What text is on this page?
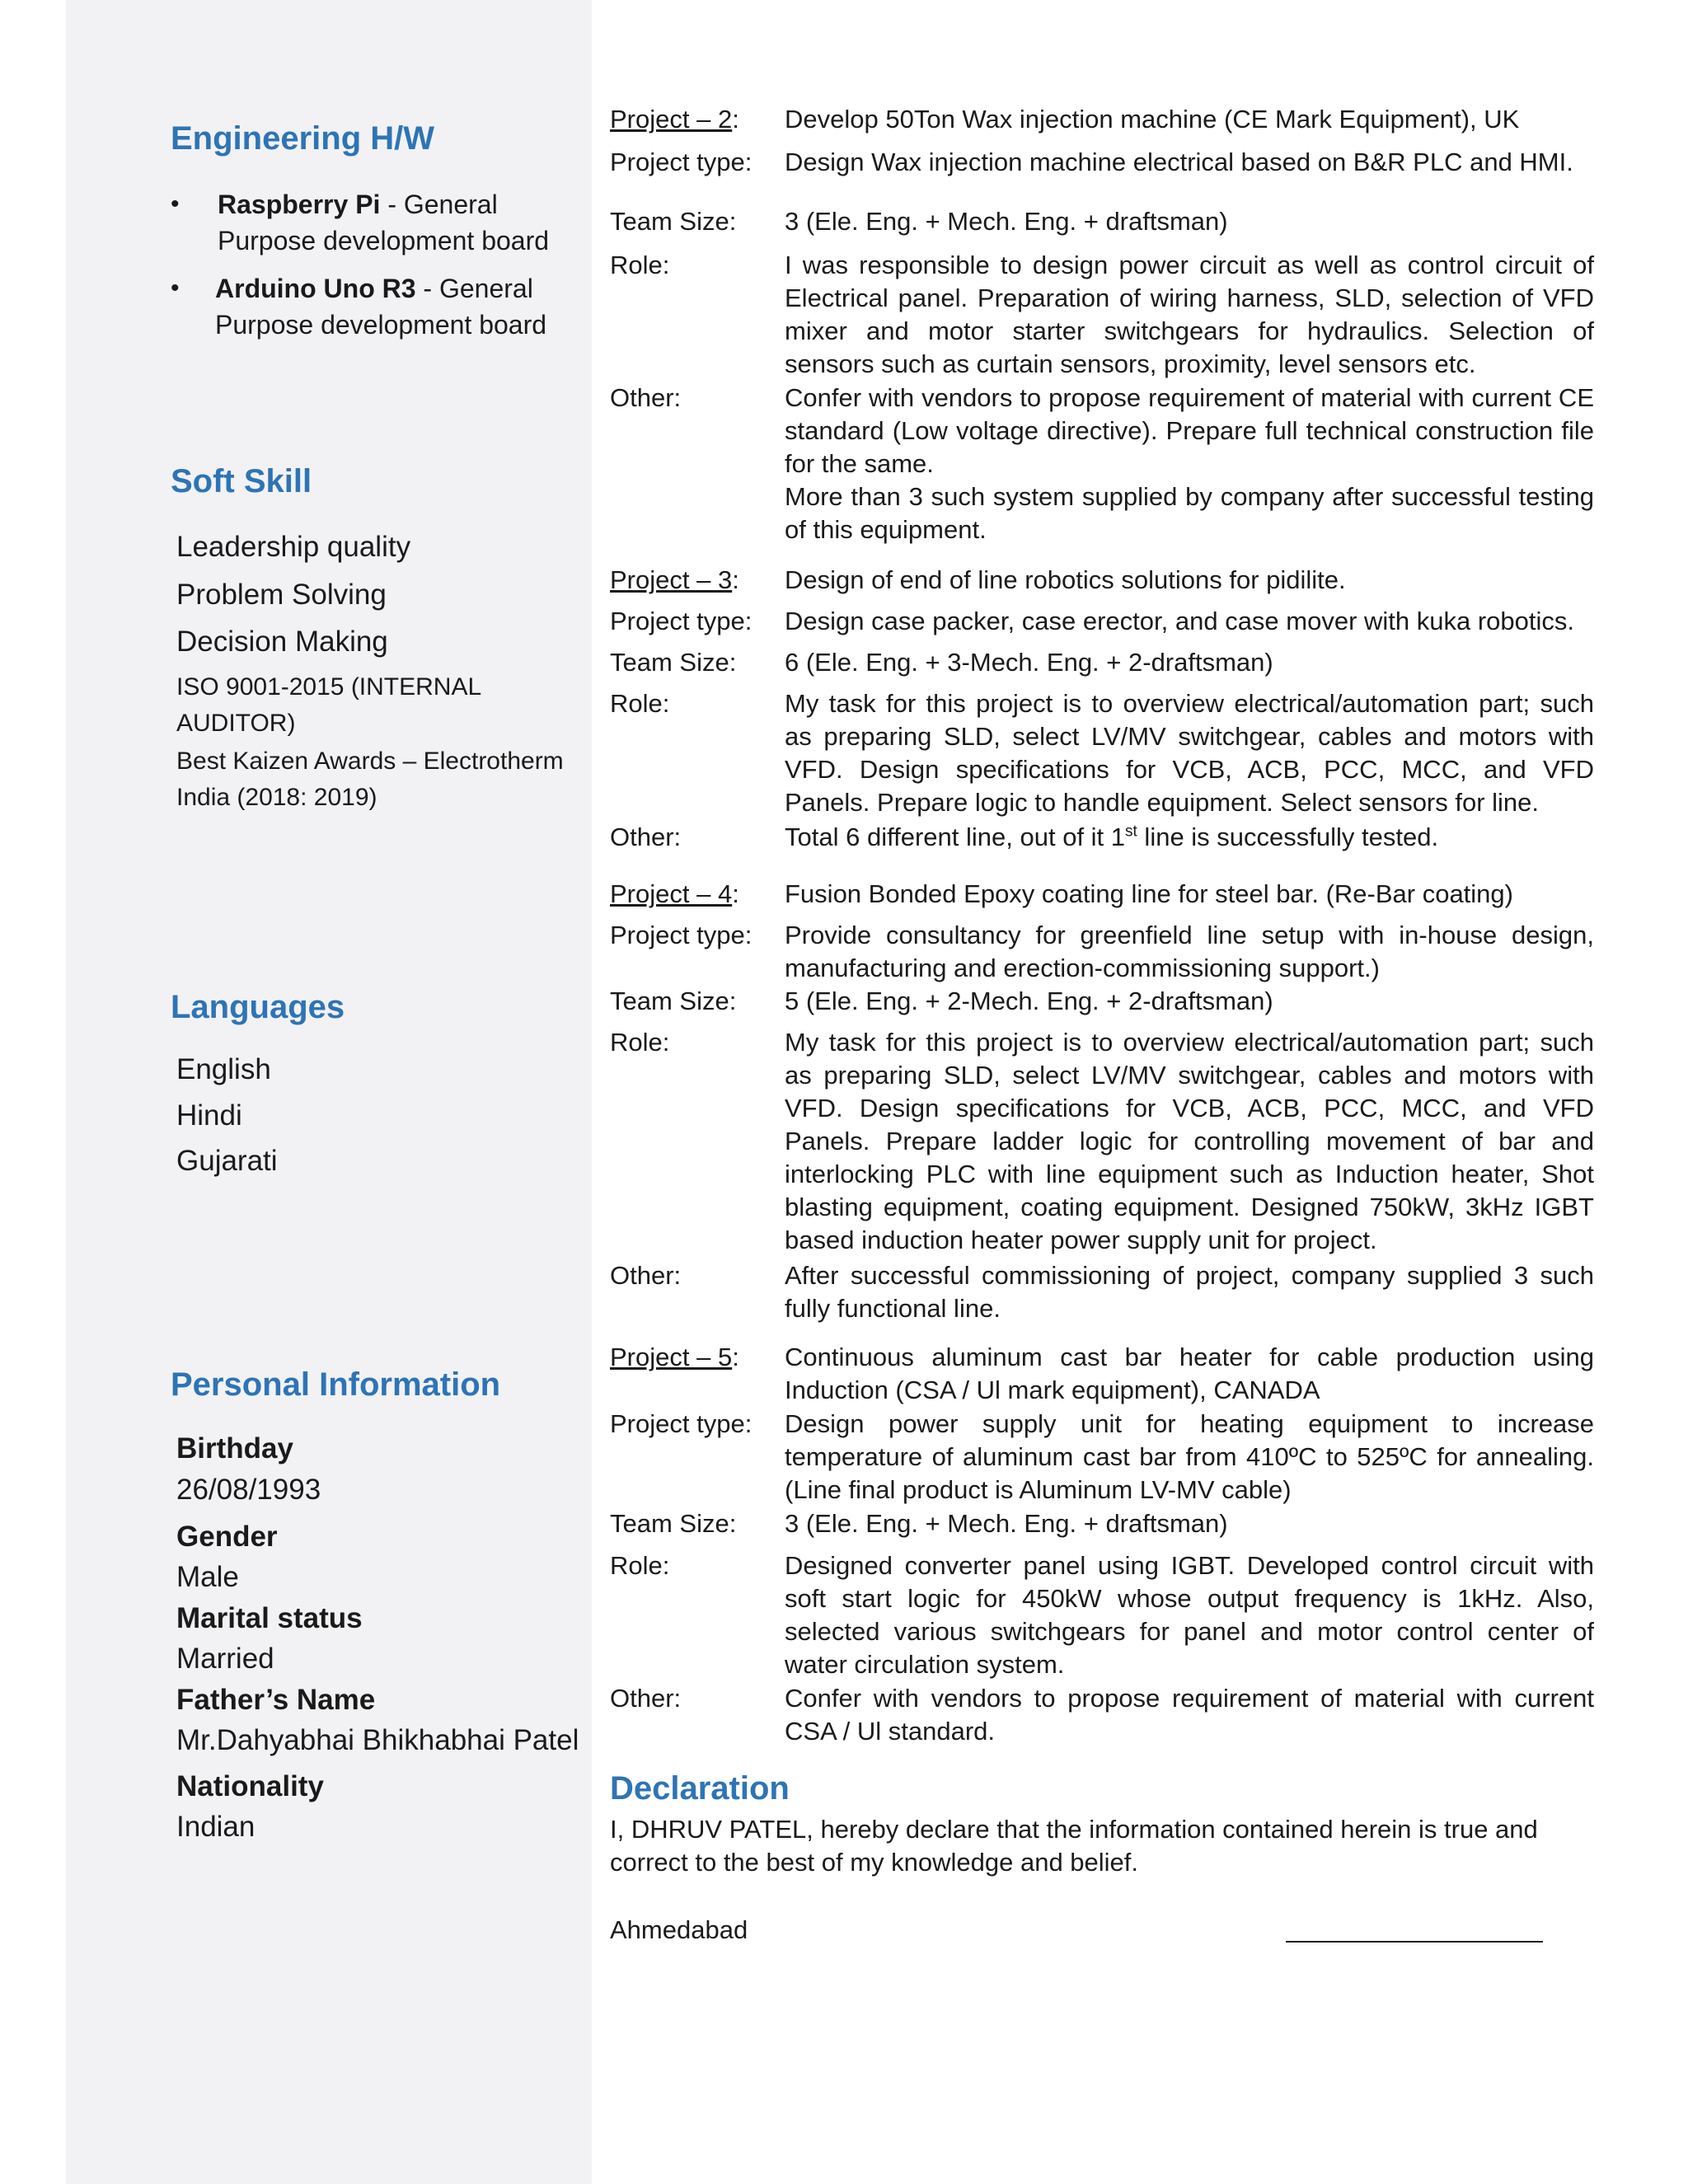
Engineering H/W
• Raspberry Pi - General
Purpose development board
• Arduino Uno R3 - General
Purpose development board
Soft Skill
Leadership quality
Problem Solving
Decision Making
ISO 9001-2015 (INTERNAL AUDITOR)
Best Kaizen Awards – Electrotherm India (2018: 2019)
Languages
English
Hindi
Gujarati
Personal Information
Birthday
26/08/1993
Gender
Male
Marital status
Married
Father’s Name
Mr.Dahyabhai Bhikhabhai Patel
Nationality
Indian
Project – 2: Develop 50Ton Wax injection machine (CE Mark Equipment), UK
Project type: Design Wax injection machine electrical based on B&R PLC and HMI.
Team Size: 3 (Ele. Eng. + Mech. Eng. + draftsman)
Role:	I was responsible to design power circuit as well as control circuit of Electrical panel. Preparation of wiring harness, SLD, selection of VFD mixer and motor starter switchgears for hydraulics. Selection of sensors such as curtain sensors, proximity, level sensors etc.
Other:	Confer with vendors to propose requirement of material with current CE standard (Low voltage directive). Prepare full technical construction file for the same.
More than 3 such system supplied by company after successful testing of this equipment.
Project – 3: Design of end of line robotics solutions for pidilite.
Project type: Design case packer, case erector, and case mover with kuka robotics.
Team Size: 6 (Ele. Eng. + 3-Mech. Eng. + 2-draftsman)
Role:	My task for this project is to overview electrical/automation part; such as preparing SLD, select LV/MV switchgear, cables and motors with VFD. Design specifications for VCB, ACB, PCC, MCC, and VFD Panels. Prepare logic to handle equipment. Select sensors for line.
Other:	Total 6 different line, out of it 1st line is successfully tested.
Project – 4: Fusion Bonded Epoxy coating line for steel bar. (Re-Bar coating)
Project type: Provide consultancy for greenfield line setup with in-house design, manufacturing and erection-commissioning support.)
Team Size: 5 (Ele. Eng. + 2-Mech. Eng. + 2-draftsman)
Role:	My task for this project is to overview electrical/automation part; such as preparing SLD, select LV/MV switchgear, cables and motors with VFD. Design specifications for VCB, ACB, PCC, MCC, and VFD Panels. Prepare ladder logic for controlling movement of bar and interlocking PLC with line equipment such as Induction heater, Shot blasting equipment, coating equipment. Designed 750kW, 3kHz IGBT based induction heater power supply unit for project.
Other:	After successful commissioning of project, company supplied 3 such fully functional line.
Project – 5: Continuous aluminum cast bar heater for cable production using Induction (CSA / Ul mark equipment), CANADA
Project type: Design power supply unit for heating equipment to increase temperature of aluminum cast bar from 410ºC to 525ºC for annealing. (Line final product is Aluminum LV-MV cable)
Team Size: 3 (Ele. Eng. + Mech. Eng. + draftsman)
Role:	Designed converter panel using IGBT. Developed control circuit with soft start logic for 450kW whose output frequency is 1kHz. Also, selected various switchgears for panel and motor control center of water circulation system.
Other:	Confer with vendors to propose requirement of material with current CSA / Ul standard.
Declaration
I, DHRUV PATEL, hereby declare that the information contained herein is true and correct to the best of my knowledge and belief.
Ahmedabad
